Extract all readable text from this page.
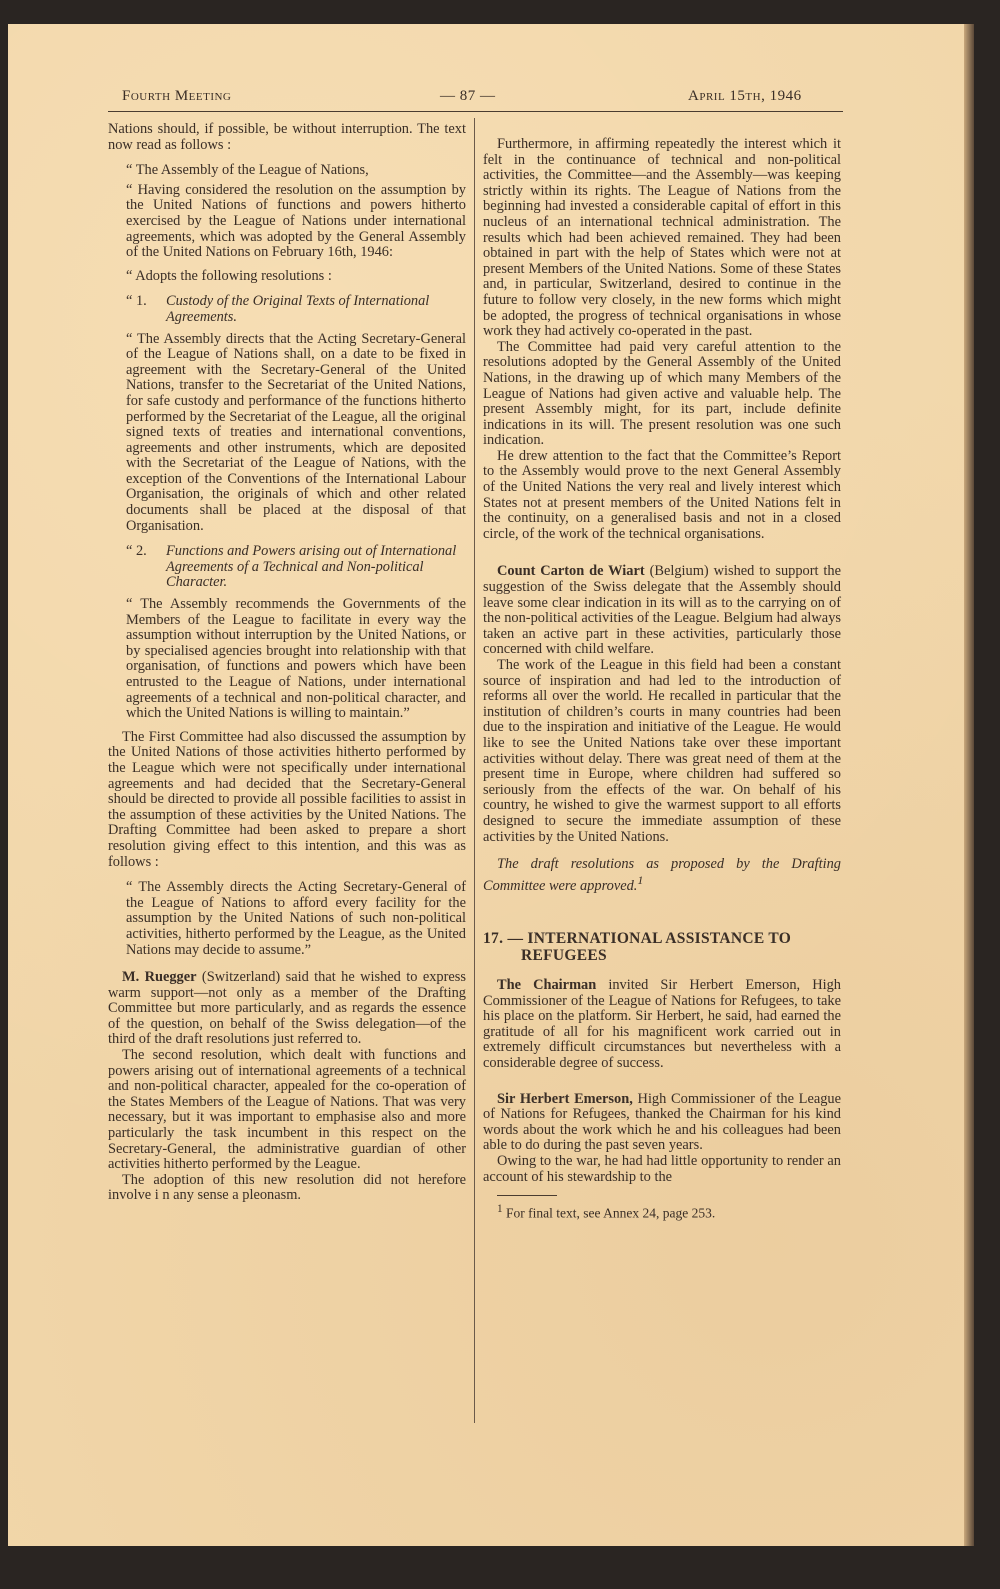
Fourth Meeting	— 87 —	April 15th, 1946
Nations should, if possible, be without interruption. The text now read as follows :
“ The Assembly of the League of Nations,
“ Having considered the resolution on the assumption by the United Nations of functions and powers hitherto exercised by the League of Nations under international agreements, which was adopted by the General Assembly of the United Nations on February 16th, 1946:
“ Adopts the following resolutions :
“ 1.	Custody of the Original Texts of International Agreements.
“ The Assembly directs that the Acting Secretary-General of the League of Nations shall, on a date to be fixed in agreement with the Secretary-General of the United Nations, transfer to the Secretariat of the United Nations, for safe custody and performance of the functions hitherto performed by the Secretariat of the League, all the original signed texts of treaties and international conventions, agreements and other instruments, which are deposited with the Secretariat of the League of Nations, with the exception of the Conventions of the International Labour Organisation, the originals of which and other related documents shall be placed at the disposal of that Organisation.
“ 2.	Functions and Powers arising out of International Agreements of a Technical and Non-political Character.
“ The Assembly recommends the Governments of the Members of the League to facilitate in every way the assumption without interruption by the United Nations, or by specialised agencies brought into relationship with that organisation, of functions and powers which have been entrusted to the League of Nations, under international agreements of a technical and non-political character, and which the United Nations is willing to maintain.”
The First Committee had also discussed the assumption by the United Nations of those activities hitherto performed by the League which were not specifically under international agreements and had decided that the Secretary-General should be directed to provide all possible facilities to assist in the assumption of these activities by the United Nations. The Drafting Committee had been asked to prepare a short resolution giving effect to this intention, and this was as follows :
“ The Assembly directs the Acting Secretary-General of the League of Nations to afford every facility for the assumption by the United Nations of such non-political activities, hitherto performed by the League, as the United Nations may decide to assume.”
M. Ruegger (Switzerland) said that he wished to express warm support—not only as a member of the Drafting Committee but more particularly, and as regards the essence of the question, on behalf of the Swiss delegation—of the third of the draft resolutions just referred to.
The second resolution, which dealt with functions and powers arising out of international agreements of a technical and non-political character, appealed for the co-operation of the States Members of the League of Nations. That was very necessary, but it was important to emphasise also and more particularly the task incumbent in this respect on the Secretary-General, the administrative guardian of other activities hitherto performed by the League.
The adoption of this new resolution did not herefore involve i n any sense a pleonasm.
Furthermore, in affirming repeatedly the interest which it felt in the continuance of technical and non-political activities, the Committee—and the Assembly—was keeping strictly within its rights. The League of Nations from the beginning had invested a considerable capital of effort in this nucleus of an international technical administration. The results which had been achieved remained. They had been obtained in part with the help of States which were not at present Members of the United Nations. Some of these States and, in particular, Switzerland, desired to continue in the future to follow very closely, in the new forms which might be adopted, the progress of technical organisations in whose work they had actively co-operated in the past.
The Committee had paid very careful attention to the resolutions adopted by the General Assembly of the United Nations, in the drawing up of which many Members of the League of Nations had given active and valuable help. The present Assembly might, for its part, include definite indications in its will. The present resolution was one such indication.
He drew attention to the fact that the Committee’s Report to the Assembly would prove to the next General Assembly of the United Nations the very real and lively interest which States not at present members of the United Nations felt in the continuity, on a generalised basis and not in a closed circle, of the work of the technical organisations.
Count Carton de Wiart (Belgium) wished to support the suggestion of the Swiss delegate that the Assembly should leave some clear indication in its will as to the carrying on of the non-political activities of the League. Belgium had always taken an active part in these activities, particularly those concerned with child welfare.
The work of the League in this field had been a constant source of inspiration and had led to the introduction of reforms all over the world. He recalled in particular that the institution of children’s courts in many countries had been due to the inspiration and initiative of the League. He would like to see the United Nations take over these important activities without delay. There was great need of them at the present time in Europe, where children had suffered so seriously from the effects of the war. On behalf of his country, he wished to give the warmest support to all efforts designed to secure the immediate assumption of these activities by the United Nations.
The draft resolutions as proposed by the Drafting Committee were approved.$^1$
17. — INTERNATIONAL ASSISTANCE TO REFUGEES
The Chairman invited Sir Herbert Emerson, High Commissioner of the League of Nations for Refugees, to take his place on the platform. Sir Herbert, he said, had earned the gratitude of all for his magnificent work carried out in extremely difficult circumstances but nevertheless with a considerable degree of success.
Sir Herbert Emerson, High Commissioner of the League of Nations for Refugees, thanked the Chairman for his kind words about the work which he and his colleagues had been able to do during the past seven years.
Owing to the war, he had had little opportunity to render an account of his stewardship to the
$^1$ For final text, see Annex 24, page 253.
